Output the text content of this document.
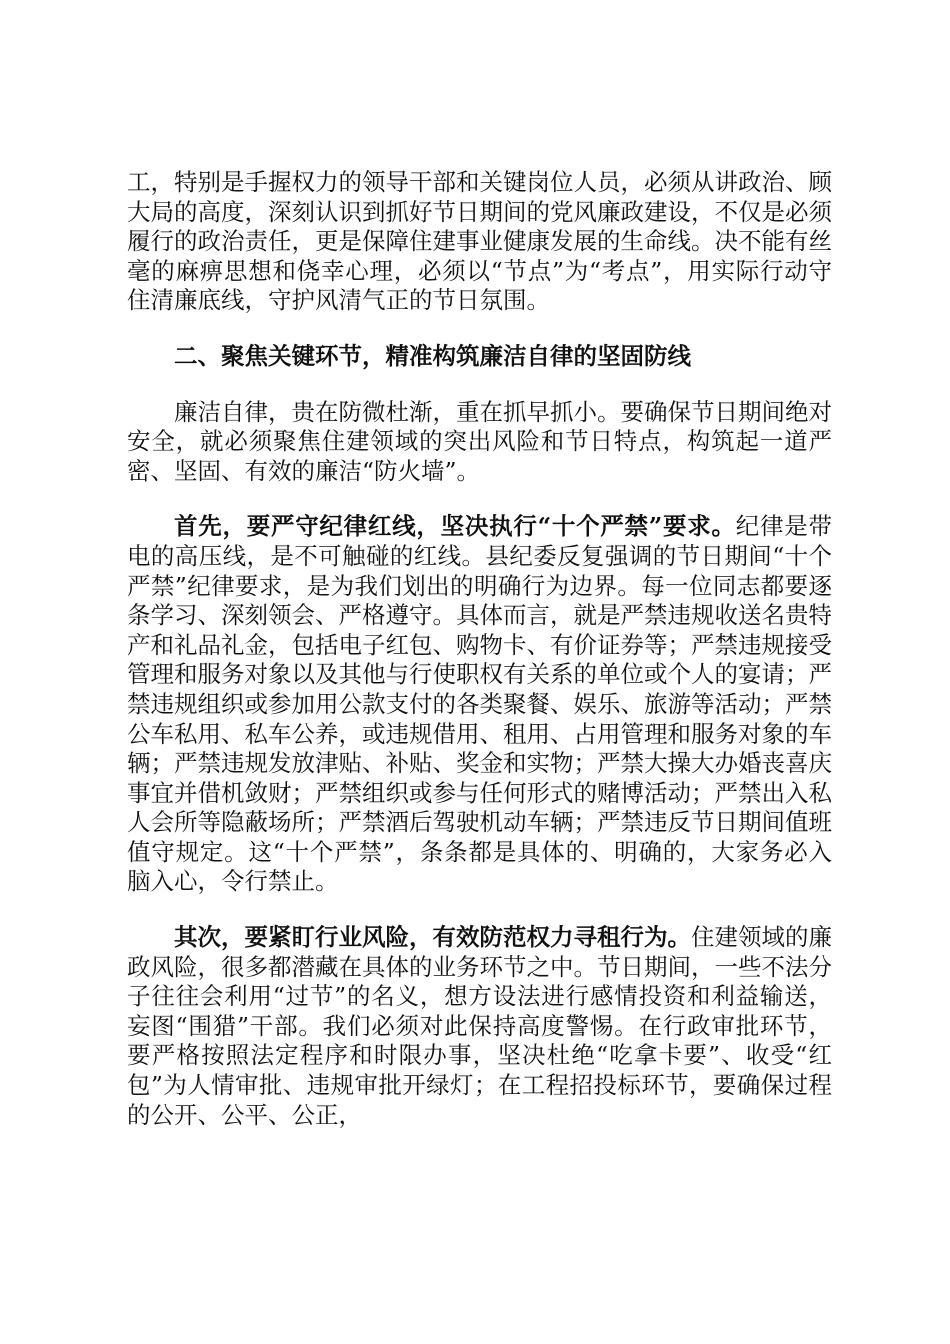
工，特别是手握权力的领导干部和关键岗位人员，必须从讲政治、顾大局的高度，深刻认识到抓好节日期间的党风廉政建设，不仅是必须履行的政治责任，更是保障住建事业健康发展的生命线。决不能有丝毫的麻痹思想和侥幸心理，必须以“节点”为“考点”，用实际行动守住清廉底线，守护风清气正的节日氛围。

二、聚焦关键环节，精准构筑廉洁自律的坚固防线

廉洁自律，贵在防微杜渐，重在抓早抓小。要确保节日期间绝对安全，就必须聚焦住建领域的突出风险和节日特点，构筑起一道严密、坚固、有效的廉洁“防火墙”。

首先，要严守纪律红线，坚决执行“十个严禁”要求。纪律是带电的高压线，是不可触碰的红线。县纪委反复强调的节日期间“十个严禁”纪律要求，是为我们划出的明确行为边界。每一位同志都要逐条学习、深刻领会、严格遵守。具体而言，就是严禁违规收送名贵特产和礼品礼金，包括电子红包、购物卡、有价证券等；严禁违规接受管理和服务对象以及其他与行使职权有关系的单位或个人的宴请；严禁违规组织或参加用公款支付的各类聚餐、娱乐、旅游等活动；严禁公车私用、私车公养，或违规借用、租用、占用管理和服务对象的车辆；严禁违规发放津贴、补贴、奖金和实物；严禁大操大办婚丧喜庆事宜并借机敛财；严禁组织或参与任何形式的赌博活动；严禁出入私人会所等隐蔽场所；严禁酒后驾驶机动车辆；严禁违反节日期间值班值守规定。这“十个严禁”，条条都是具体的、明确的，大家务必入脑入心，令行禁止。

其次，要紧盯行业风险，有效防范权力寻租行为。住建领域的廉政风险，很多都潜藏在具体的业务环节之中。节日期间，一些不法分子往往会利用“过节”的名义，想方设法进行感情投资和利益输送，妄图“围猎”干部。我们必须对此保持高度警惕。在行政审批环节，要严格按照法定程序和时限办事，坚决杜绝“吃拿卡要”、收受“红包”为人情审批、违规审批开绿灯；在工程招投标环节，要确保过程的公开、公平、公正，
